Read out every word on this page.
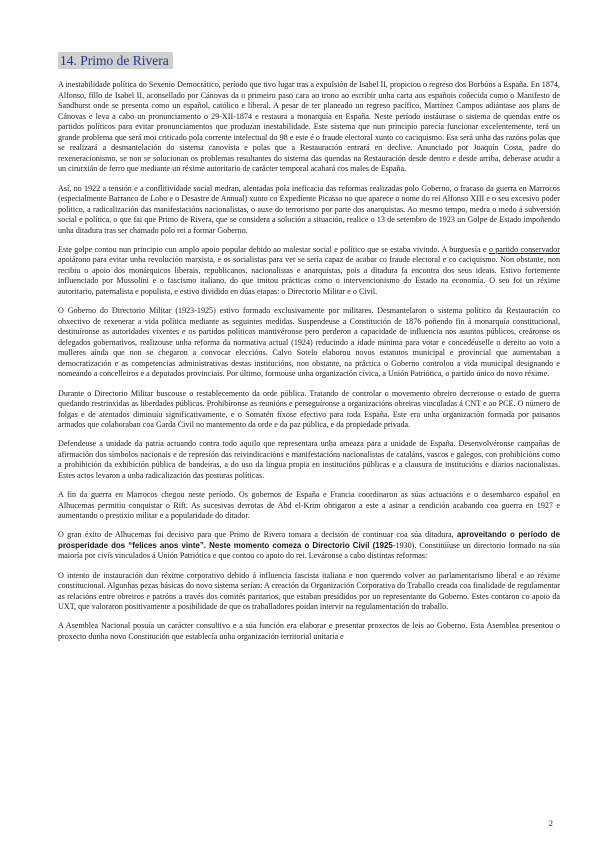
14. Primo de Rivera

A inestabilidade política do Sexenio Democrático, período que tivo lugar tras a expulsión de Isabel II, propiciou o regreso dos Borbóns a España. En 1874, Alfonso, fillo de Isabel II, aconsellado por Cánovas da o primeiro paso cara ao trono ao escribir unha carta aos españois coñecida como o Manifesto de Sandhurst onde se presenta como un español, católico e liberal. A pesar de ter planeado un regreso pacífico, Martínez Campos adiántase aos plans de Cánovas e leva a cabo un pronunciamento o 29-XII-1874 e restaura a monarquía en España. Neste período instáurase o sistema de quendas entre os partidos políticos para evitar pronunciamentos que produzan inestabilidade. Este sistema que nun principio parecía funcionar excelentemente, terá un grande problema que será moi criticado pola corrente intelectual do 98 e este é o fraude electoral xunto co caciquismo. Esa será unha das razóns polas que se realizará a desmantelación do sistema canovista e polas que a Restauración entrará en declive. Anunciado por Joaquín Costa, padre do rexeneracionismo, se non se solucionan os problemas resultantes do sistema das quendas na Restauración desde dentro e desde arriba, deberase acudir a un cirurxián de ferro que mediante un réxime autoritario de carácter temporal acabará cos males de España.

Así, no 1922 a tensión e a conflitividade social medran, alentadas pola ineficacia das reformas realizadas polo Goberno, o fracaso da guerra en Marrocos (especialmente Barranco de Lobo e o Desastre de Annual) xunto co Expediente Picasso no que aparece o nome do rei Alfonso XIII e o seu excesivo poder político, a radicalización das manifestacións nacionalistas, o auxe do terrorismo por parte dos anarquistas. Ao mesmo tempo, medra o medo á subversión social e política, o que fai que Primo de Rivera, que se considera a solución a situación, realice o 13 de setembro de 1923 un Golpe de Estado impoñendo unha ditadura tras ser chamado polo rei a formar Goberno.

Este golpe contou nun principio cun amplo apoio popular debido ao malestar social e político que se estaba vivindo. A burguesía e o partido conservador apoiárono para evitar unha revolución marxista, e os socialistas para ver se sería capaz de acabar co fraude electoral e co caciquismo. Non obstante, non recibiu o apoio dos monárquicos liberais, republicanos, nacionalistas e anarquistas, pois a ditadura fa encontra dos seus ideais. Estivo fortemente influenciado por Mussolini e o fascismo italiano, do que imitou prácticas como o intervencionismo do Estado na economía. O seu foi un réxime autoritario, paternalista e populista, e estivo dividido en dúas etapas: o Directorio Militar e o Civil.

O Goberno do Directorio Militar (1923-1925) estivo formado exclusivamente por militares. Desmantelaron o sistema político da Restauración co obxectivo de rexenerar a vida política mediante as seguintes medidas. Suspendeuse a Constitución de 1876 poñendo fin á monarquía constitucional, destituíronse as autoridades vixentes e os partidos políticos mantivéronse pero perderon a capacidade de influencia nos asuntos públicos, creáronse os delegados gobernativos, realizouse unha reforma da normativa actual (1924) reducindo a idade mínima para votar e concedéuselle o dereito ao voto a mulleres aínda que non se chegaron a convocar eleccións. Calvo Sotelo elaborou novos estatutos municipal e provincial que aumentaban a democratización e as competencias administrativas destas institucións, non obstante, na práctica o Goberno controlou a vida municipal designando e nomeando a concelleiros e a deputados provinciais. Por último, formouse unha organización cívica, a Unión Patriótica, o partido único do novo réxime.

Durante o Directorio Militar buscouse o restablecemento da orde pública. Tratando de controlar o movemento obreiro decretouse o estado de guerra quedando restrinxidas as liberdades públicas. Prohibíronse as reunións e perseguíronse a organizacións obreiras vinculadas á CNT e ao PCE. O número de folgas e de atentados diminuíu significativamente, e o Somatén fíxose efectivo para toda España. Este era unha organización formada por paisanos armados que colaboraban coa Garda Civil no mantemento da orde e da paz pública, e da propiedade privada.

Defendeuse a unidade da patria actuando contra todo aquilo que representara unha ameaza para a unidade de España. Desenvolvéronse campañas de afirmación dos símbolos nacionais e de represión das reivindicacións e manifestacións nacionalistas de cataláns, vascos e galegos, con prohibicións como a prohibición da exhibición pública de bandeiras, a do uso da lingua propia en institucións públicas e a clausura de institucións e diarios nacionalistas. Estes actos levaron a unha radicalización das posturas políticas.

A fin da guerra en Marrocos chegou neste período. Os gobernos de España e Francia coordinaron as súas actuacións e o desembarco español en Alhucemas permitiu conquistar o Rift. As sucesivas derrotas de Abd el-Krim obrigaron a este a asinar a rendición acabando coa guerra en 1927 e aumentando o prestixio militar e a popularidade do ditador.

O gran éxito de Alhucemas foi decisivo para que Primo de Rivera tomara a decisión de continuar coa súa ditadura, aproveitando o período de prosperidade dos “felices anos vinte”. Neste momento comeza o Directorio Civil (1925-1930). Constitúíuse un directorio formado na súa maioría por civís vinculados á Unión Patriótica e que contou co apoio do rei. Leváronse a cabo distintas reformas:

O intento de instauración dun réxime corporativo debido á influencia fascista italiana e non querendo volver ao parlamentarismo liberal e ao réxime constitucional. Algunhas pezas básicas do novo sistema serían: A creación da Organización Corporativa do Traballo creada coa finalidade de regulamentar as relacións entre obreiros e patróns a través dos comités paritarios, que estaban presididos por un representante do Goberno. Estes contaron co apoio da UXT, que valoraron positivamente a posibilidade de que os traballadores poidan intervir na regulamentación do traballo.

A Asemblea Nacional posuía un carácter consultivo e a súa función era elaborar e presentar proxectos de leis ao Goberno. Esta Asemblea presentou o proxecto dunha novo Constitución que establecía unha organización territorial unitaria e

2
